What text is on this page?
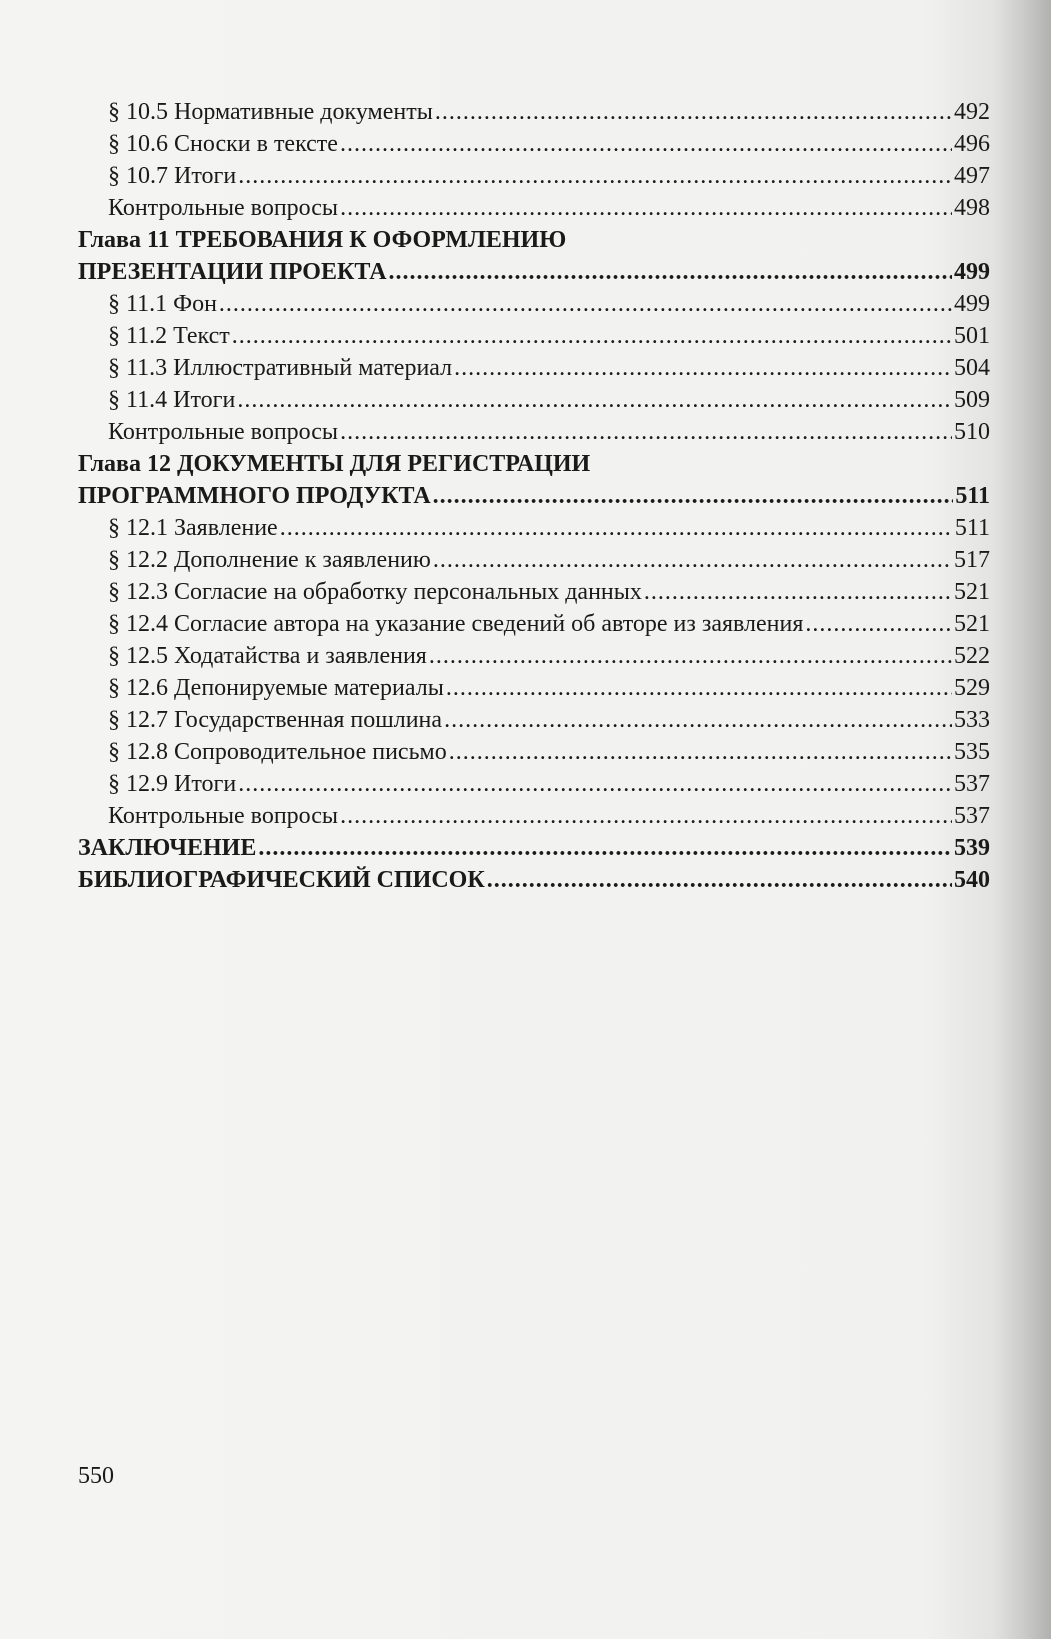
§ 10.5 Нормативные документы .....	492
§ 10.6 Сноски в тексте .....	496
§ 10.7 Итоги .....	497
Контрольные вопросы .....	498
Глава 11 ТРЕБОВАНИЯ К ОФОРМЛЕНИЮ
ПРЕЗЕНТАЦИИ ПРОЕКТА .....	499
§ 11.1 Фон .....	499
§ 11.2 Текст .....	501
§ 11.3 Иллюстративный материал .....	504
§ 11.4 Итоги .....	509
Контрольные вопросы .....	510
Глава 12 ДОКУМЕНТЫ ДЛЯ РЕГИСТРАЦИИ
ПРОГРАММНОГО ПРОДУКТА .....	511
§ 12.1 Заявление .....	511
§ 12.2 Дополнение к заявлению .....	517
§ 12.3 Согласие на обработку персональных данных .....	521
§ 12.4 Согласие автора на указание сведений об авторе из заявления .....	521
§ 12.5 Ходатайства и заявления .....	522
§ 12.6 Депонируемые материалы .....	529
§ 12.7 Государственная пошлина .....	533
§ 12.8 Сопроводительное письмо .....	535
§ 12.9 Итоги .....	537
Контрольные вопросы .....	537
ЗАКЛЮЧЕНИЕ .....	539
БИБЛИОГРАФИЧЕСКИЙ СПИСОК .....	540
550
